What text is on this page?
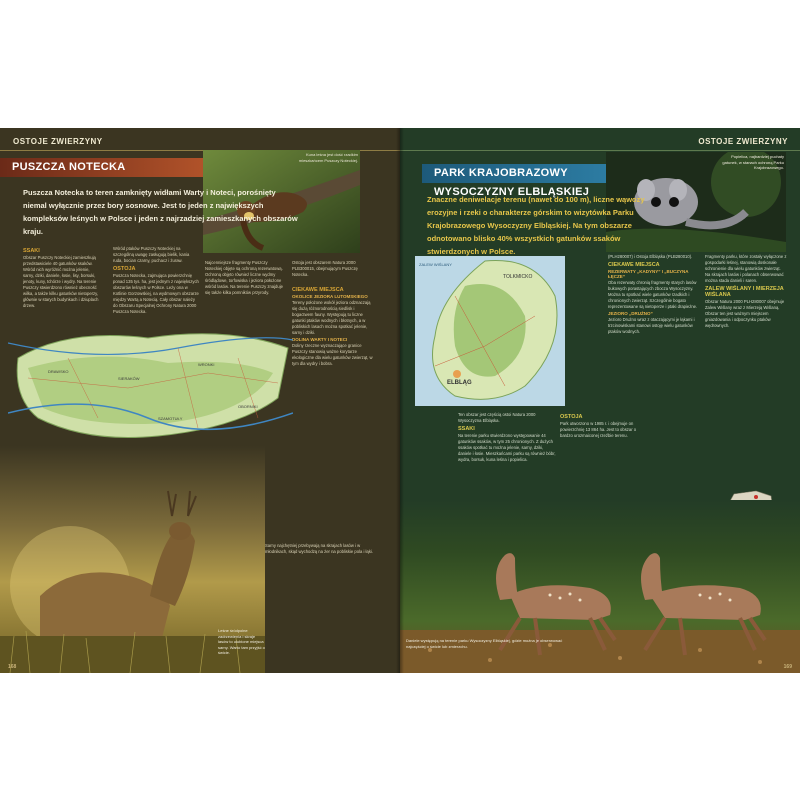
OSTOJE ZWIERZYNY
PUSZCZA NOTECKA
Kuna leśna jest dość rzadkim mieszkańcem Puszczy Noteckiej.
Puszcza Notecka to teren zamknięty widłami Warty i Noteci, porośnięty niemal wyłącznie przez bory sosnowe. Jest to jeden z największych kompleksów leśnych w Polsce i jeden z najrzadziej zamieszkanych obszarów kraju.
SSAKI
Obszar Puszczy Noteckiej zamieszkują przedstawiciele 40 gatunków ssaków. Wśród nich wyróżnić można jelenie, sarny, dziki, daniele, łosie, lisy, borsuki, jenoty, kuny, tchórze i wydry. Na terenie Puszczy stwierdzono również obecność wilka, a także kilku gatunków nietoperzy, głównie w starych budynkach i dziuplach drzew.
Wśród ptaków Puszczy Noteckiej na szczególną uwagę zasługują bielik, kania ruda, bocian czarny, puchacz i żuraw.
OSTOJA
Puszcza Notecka, zajmująca powierzchnię ponad 135 tys. ha, jest jednym z największych obszarów leśnych w Polsce. Leży ona w Kotlinie Gorzowskiej, na wydmowym obszarze między Wartą a Notecią. Cały obszar należy do Obszaru Specjalnej Ochrony Natura 2000 Puszcza Notecka.
Najcenniejsze fragmenty Puszczy Noteckiej objęte są ochroną rezerwatową. Ochroną objęto również liczne wydmy śródlądowe, torfowiska i jeziora położone wśród lasów. Na terenie Puszczy znajduje się także kilka pomników przyrody.
Ostoja jest obszarem Natura 2000 PLB300015, obejmującym Puszczę Notecką.
CIEKAWE MIEJSCA
OKOLICE JEZIORA LUTOMSKIEGO
Tereny położone wokół jeziora odznaczają się dużą różnorodnością siedlisk i bogactwem fauny. Występują tu liczne gatunki ptaków wodnych i błotnych, a w pobliskich lasach można spotkać jelenie, sarny i dziki.
DOLINA WARTY I NOTECI
Doliny rzeczne wyznaczające granice Puszczy stanowią ważne korytarze ekologiczne dla wielu gatunków zwierząt, w tym dla wydry i bobra.
Sarny najchętniej przebywają na skrajach lasów i w młodnikach, skąd wychodzą na żer na pobliskie pola i łąki.
SIERAKÓW
WRONKI
OBORNIKI
SZAMOTUŁY
DRAWSKO
Leśne śródpolne zadrzewienia i skraje lasów to ulubione miejsca sarny. Warto tam przyjść o świcie.
168
OSTOJE ZWIERZYNY
PARK KRAJOBRAZOWY WYSOCZYZNY ELBLĄSKIEJ
Popielica, najbardziej puchaty gatunek, w stanach ochroną Parku Krajobrazowego.
Znaczne deniwelacje terenu (nawet do 100 m), liczne wąwozy erozyjne i rzeki o charakterze górskim to wizytówka Parku Krajobrazowego Wysoczyzny Elbląskiej. Na tym obszarze odnotowano blisko 40% wszystkich gatunków ssaków stwierdzonych w Polsce.
TOLKMICKO
ELBLĄG
ZALEW WIŚLANY
Ten obszar jest częścią ostoi Natura 2000 Wysoczyzna Elbląska.
SSAKI
Na terenie parku stwierdzono występowanie 44 gatunków ssaków, w tym 25 chronionych. Z dużych ssaków spotkać tu można jelenie, sarny, dziki, daniele i łosie. Mieszkańcami parku są również bóbr, wydra, borsuk, kuna leśna i popielica.
OSTOJA
Park utworzono w 1985 r. i obejmuje on powierzchnię 13 864 ha. Jest to obszar o bardzo urozmaiconej rzeźbie terenu.
(PLH280007) i Ostoja Elbląska (PLB280010).
CIEKAWE MIEJSCA
REZERWATY „KADYNY” I „BUCZYNA ŁĘCZE”
Oba rezerwaty chronią fragmenty starych lasów bukowych porastających zbocza Wysoczyzny. Można tu spotkać wiele gatunków rzadkich i chronionych zwierząt. Szczególnie bogato reprezentowane są nietoperze i ptaki drapieżne.
JEZIORO „DRUŻNO”
Jezioro Drużno wraz z otaczającymi je łąkami i trzcinowiskami stanowi ostoję wielu gatunków ptaków wodnych.
Fragmenty parku, które zostały wyłączone z gospodarki leśnej, stanowią doskonałe schronienie dla wielu gatunków zwierząt. Na skrajach lasów i polanach obserwować można stada danieli i saren.
ZALEW WIŚLANY I MIERZEJA WIŚLANA
Obszar Natura 2000 PLH280007 obejmuje Zalew Wiślany wraz z Mierzeją Wiślaną. Obszar ten jest ważnym miejscem gniazdowania i odpoczynku ptaków wędrownych.
Daniele występują na terenie parku Wysoczyzny Elbląskiej, gdzie można je obserwować najczęściej o świcie lub zmierzchu.
169
